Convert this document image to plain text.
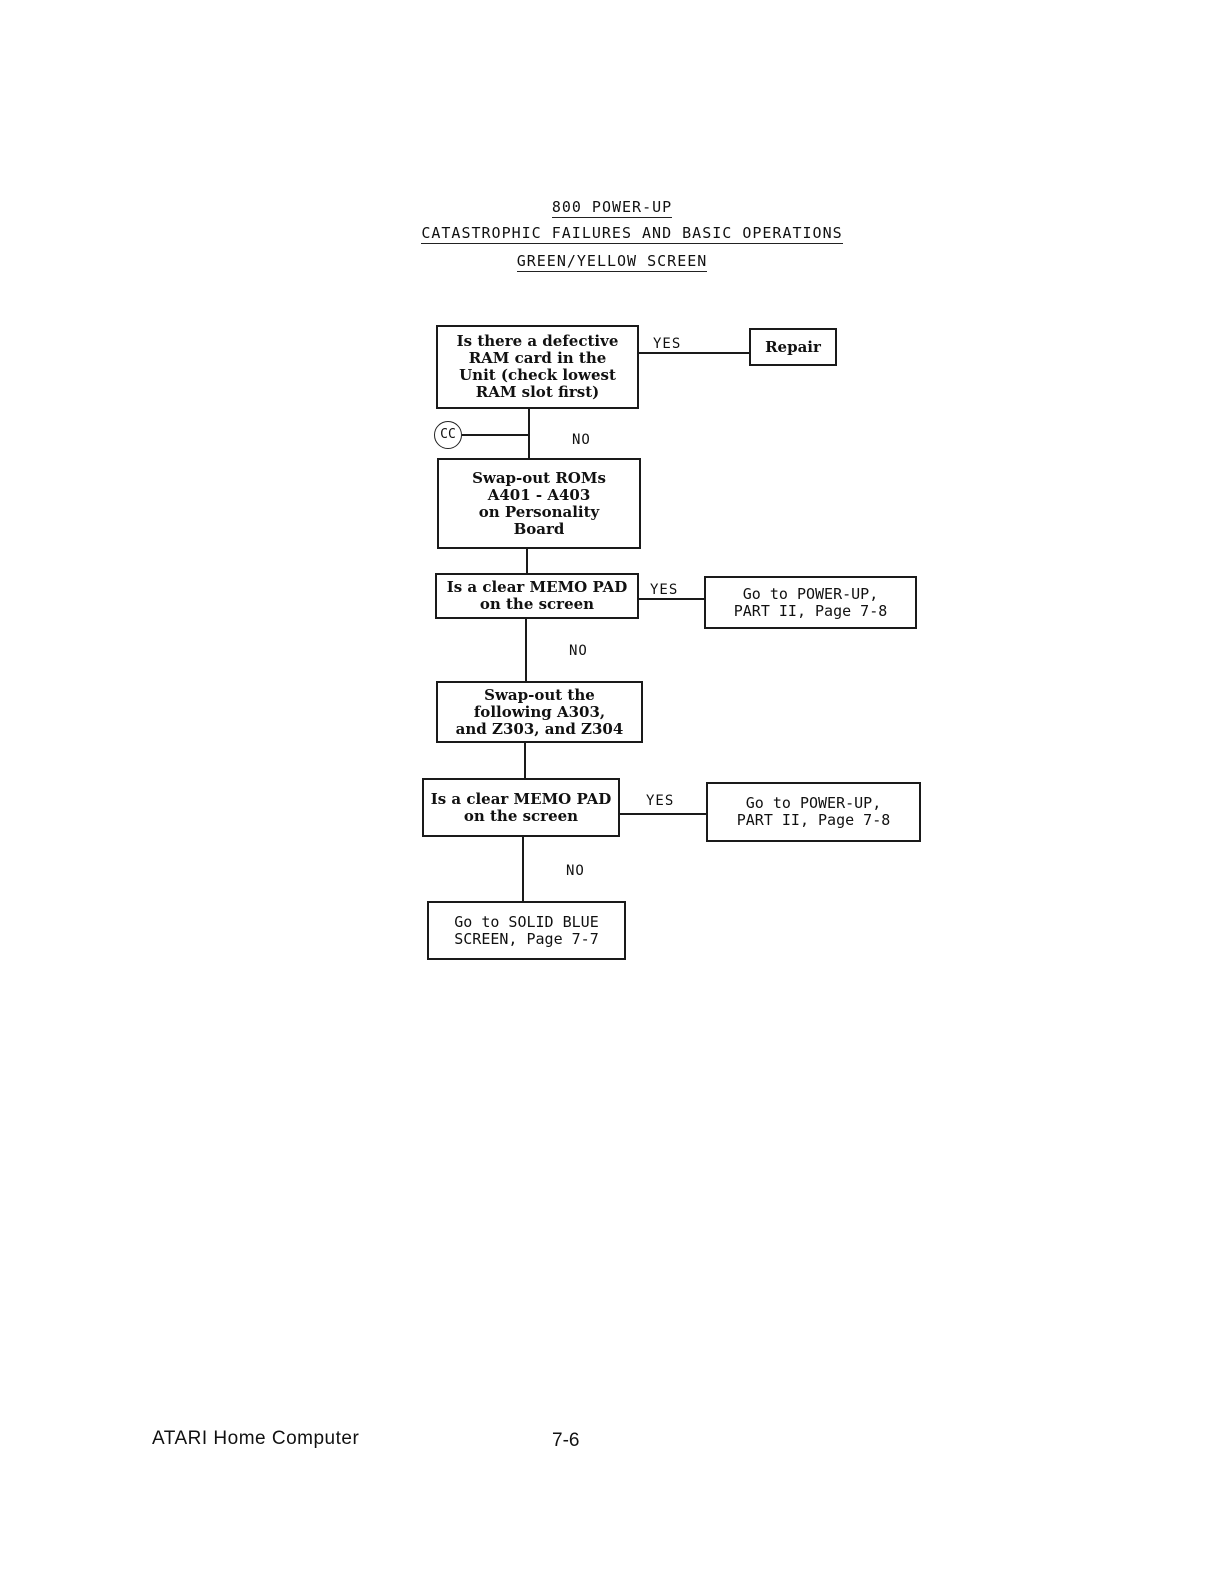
800 POWER-UP
CATASTROPHIC FAILURES AND BASIC OPERATIONS
GREEN/YELLOW SCREEN
Is there a defective
RAM card in the
Unit (check lowest
RAM slot first)
Repair
Swap-out ROMs
A401 - A403
on Personality
Board
Is a clear MEMO PAD
on the screen
Go to POWER-UP,
PART II, Page 7-8
Swap-out the
following A303,
and Z303, and Z304
Is a clear MEMO PAD
on the screen
Go to POWER-UP,
PART II, Page 7-8
Go to SOLID BLUE
SCREEN, Page 7-7
YES
NO
YES
NO
YES
NO
CC
ATARI Home Computer	7-6
